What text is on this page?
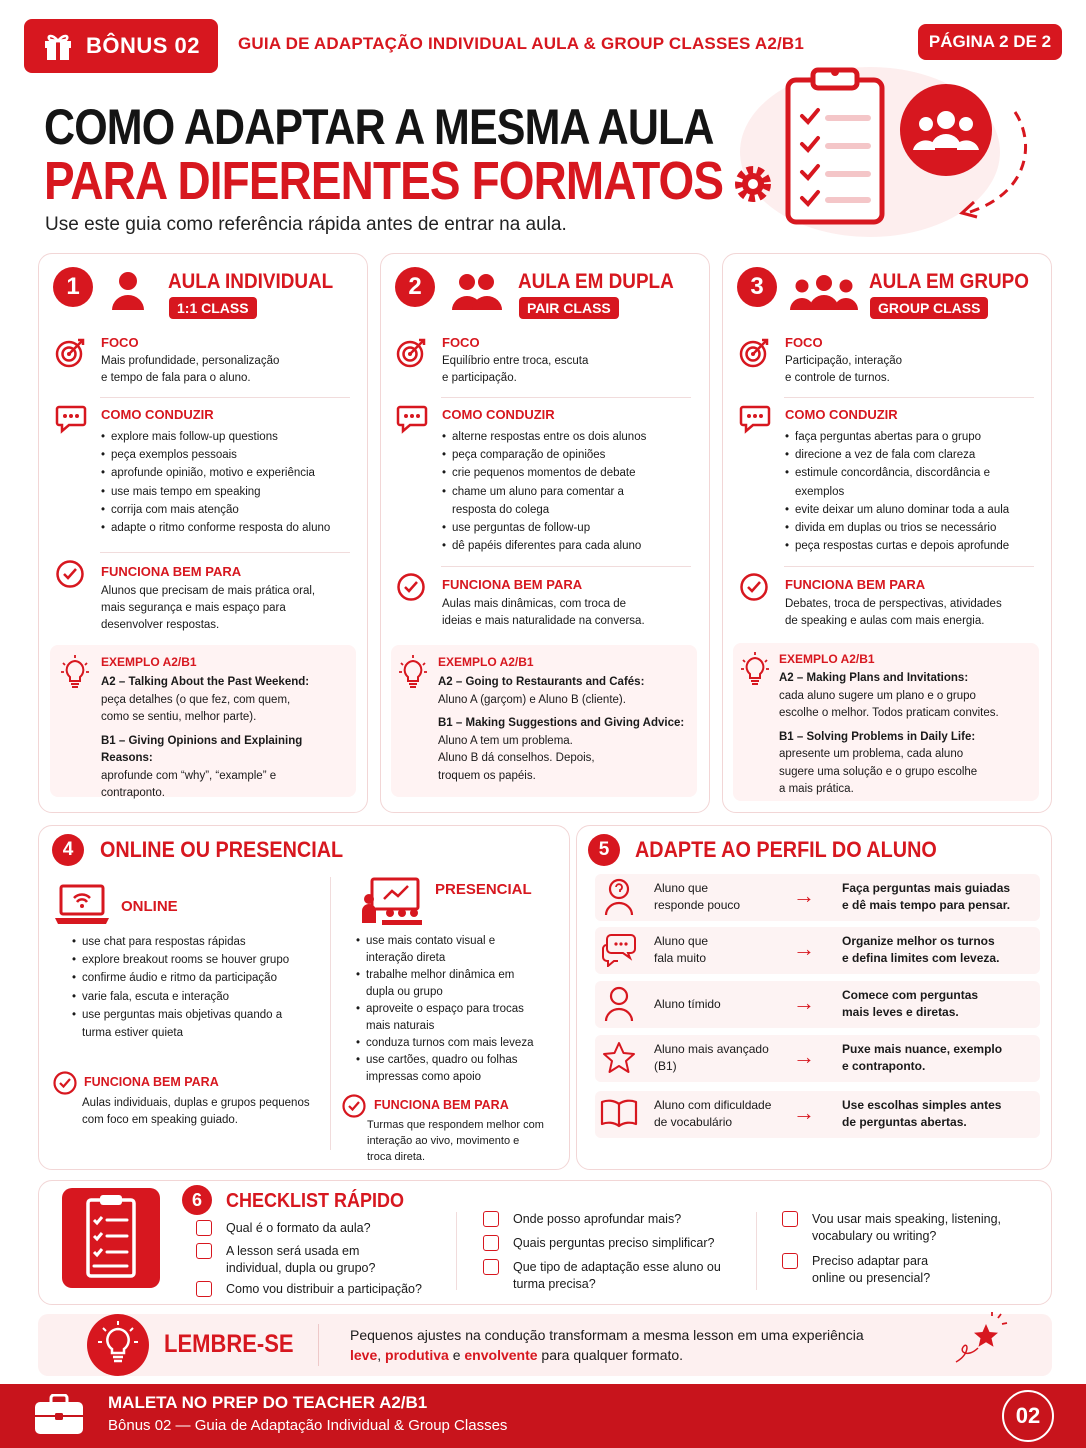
BÔNUS 02 GUIA DE ADAPTAÇÃO INDIVIDUAL AULA & GROUP CLASSES A2/B1	PÁGINA 2 DE 2
COMO ADAPTAR A MESMA AULA
PARA DIFERENTES FORMATOS
Use este guia como referência rápida antes de entrar na aula.
1	AULA INDIVIDUAL
1:1 CLASS
FOCO
Mais profundidade, personalização
e tempo de fala para o aluno.
COMO CONDUZIR
• explore mais follow-up questions
• peça exemplos pessoais
• aprofunde opinião, motivo e experiência
• use mais tempo em speaking
• corrija com mais atenção
• adapte o ritmo conforme resposta do aluno
FUNCIONA BEM PARA
Alunos que precisam de mais prática oral,
mais segurança e mais espaço para
desenvolver respostas.
EXEMPLO A2/B1
A2 – Talking About the Past Weekend:
peça detalhes (o que fez, com quem,
como se sentiu, melhor parte).
B1 – Giving Opinions and Explaining Reasons:
aprofunde com “why”, “example” e
contraponto.
2	AULA EM DUPLA
PAIR CLASS
FOCO
Equilíbrio entre troca, escuta
e participação.
COMO CONDUZIR
• alterne respostas entre os dois alunos
• peça comparação de opiniões
• crie pequenos momentos de debate
• chame um aluno para comentar a resposta do colega
• use perguntas de follow-up
• dê papéis diferentes para cada aluno
FUNCIONA BEM PARA
Aulas mais dinâmicas, com troca de
ideias e mais naturalidade na conversa.
EXEMPLO A2/B1
A2 – Going to Restaurants and Cafés:
Aluno A (garçom) e Aluno B (cliente).
B1 – Making Suggestions and Giving Advice:
Aluno A tem um problema.
Aluno B dá conselhos. Depois,
troquem os papéis.
3	AULA EM GRUPO
GROUP CLASS
FOCO
Participação, interação
e controle de turnos.
COMO CONDUZIR
• faça perguntas abertas para o grupo
• direcione a vez de fala com clareza
• estimule concordância, discordância e exemplos
• evite deixar um aluno dominar toda a aula
• divida em duplas ou trios se necessário
• peça respostas curtas e depois aprofunde
FUNCIONA BEM PARA
Debates, troca de perspectivas, atividades
de speaking e aulas com mais energia.
EXEMPLO A2/B1
A2 – Making Plans and Invitations:
cada aluno sugere um plano e o grupo
escolhe o melhor. Todos praticam convites.
B1 – Solving Problems in Daily Life:
apresente um problema, cada aluno
sugere uma solução e o grupo escolhe
a mais prática.
4	ONLINE OU PRESENCIAL
ONLINE
• use chat para respostas rápidas
• explore breakout rooms se houver grupo
• confirme áudio e ritmo da participação
• varie fala, escuta e interação
• use perguntas mais objetivas quando a turma estiver quieta
FUNCIONA BEM PARA
Aulas individuais, duplas e grupos pequenos
com foco em speaking guiado.
PRESENCIAL
• use mais contato visual e interação direta
• trabalhe melhor dinâmica em dupla ou grupo
• aproveite o espaço para trocas mais naturais
• conduza turnos com mais leveza
• use cartões, quadro ou folhas impressas como apoio
FUNCIONA BEM PARA
Turmas que respondem melhor com
interação ao vivo, movimento e
troca direta.
5	ADAPTE AO PERFIL DO ALUNO
Aluno que
responde pouco → Faça perguntas mais guiadas
e dê mais tempo para pensar.
Aluno que
fala muito	→ Organize melhor os turnos
e defina limites com leveza.
Aluno tímido	→ Comece com perguntas
mais leves e diretas.
Aluno mais avançado
(B1)	→ Puxe mais nuance, exemplo
e contraponto.
Aluno com dificuldade
de vocabulário	→ Use escolhas simples antes
de perguntas abertas.
6	CHECKLIST RÁPIDO
Qual é o formato da aula?
A lesson será usada em individual, dupla ou grupo?
Como vou distribuir a participação?
Onde posso aprofundar mais?
Quais perguntas preciso simplificar?
Que tipo de adaptação esse aluno ou turma precisa?
Vou usar mais speaking, listening, vocabulary ou writing?
Preciso adaptar para online ou presencial?
LEMBRE-SE	Pequenos ajustes na condução transformam a mesma lesson em uma experiência
leve, produtiva e envolvente para qualquer formato.
MALETA NO PREP DO TEACHER A2/B1
Bônus 02 — Guia de Adaptação Individual & Group Classes	02
